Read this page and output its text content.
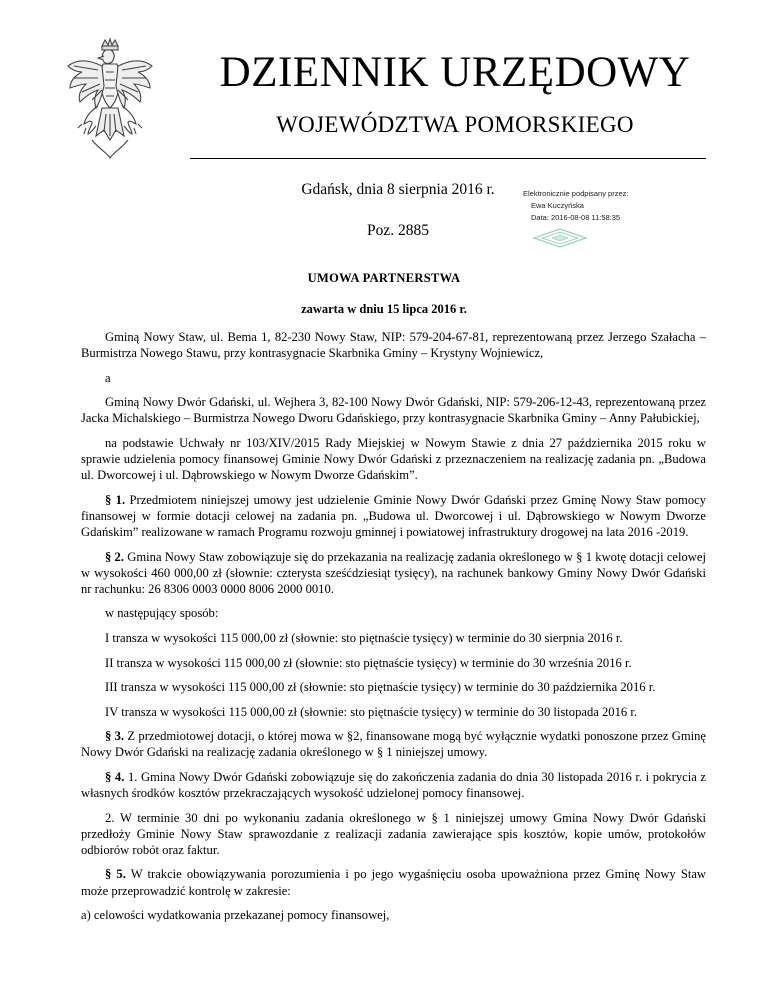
DZIENNIK URZĘDOWY
WOJEWÓDZTWA POMORSKIEGO
Gdańsk, dnia 8 sierpnia 2016 r.
Poz. 2885
Elektronicznie podpisany przez:
Ewa Kuczyńska
Data: 2016-08-08 11:58:35
UMOWA PARTNERSTWA
zawarta w dniu 15 lipca 2016 r.

Gminą Nowy Staw, ul. Bema 1, 82-230 Nowy Staw, NIP: 579-204-67-81, reprezentowaną przez Jerzego Szałacha – Burmistrza Nowego Stawu, przy kontrasygnacie Skarbnika Gminy – Krystyny Wojniewicz,

a

Gminą Nowy Dwór Gdański, ul. Wejhera 3, 82-100 Nowy Dwór Gdański, NIP: 579-206-12-43, reprezentowaną przez Jacka Michalskiego – Burmistrza Nowego Dworu Gdańskiego, przy kontrasygnacie Skarbnika Gminy – Anny Pałubickiej,

na podstawie Uchwały nr 103/XIV/2015 Rady Miejskiej w Nowym Stawie z dnia 27 października 2015 roku w sprawie udzielenia pomocy finansowej Gminie Nowy Dwór Gdański z przeznaczeniem na realizację zadania pn. „Budowa ul. Dworcowej i ul. Dąbrowskiego w Nowym Dworze Gdańskim”.

§ 1. Przedmiotem niniejszej umowy jest udzielenie Gminie Nowy Dwór Gdański przez Gminę Nowy Staw pomocy finansowej w formie dotacji celowej na zadania pn. „Budowa ul. Dworcowej i ul. Dąbrowskiego w Nowym Dworze Gdańskim” realizowane w ramach Programu rozwoju gminnej i powiatowej infrastruktury drogowej na lata 2016 -2019.

§ 2. Gmina Nowy Staw zobowiązuje się do przekazania na realizację zadania określonego w § 1 kwotę dotacji celowej w wysokości 460 000,00 zł (słownie: czterysta sześćdziesiąt tysięcy), na rachunek bankowy Gminy Nowy Dwór Gdański nr rachunku: 26 8306 0003 0000 8006 2000 0010.

w następujący sposób:

I transza w wysokości 115 000,00 zł (słownie: sto piętnaście tysięcy) w terminie do 30 sierpnia 2016 r.

II transza w wysokości 115 000,00 zł (słownie: sto piętnaście tysięcy) w terminie do 30 września 2016 r.

III transza w wysokości 115 000,00 zł (słownie: sto piętnaście tysięcy) w terminie do 30 października 2016 r.

IV transza w wysokości 115 000,00 zł (słownie: sto piętnaście tysięcy) w terminie do 30 listopada 2016 r.

§ 3. Z przedmiotowej dotacji, o której mowa w §2, finansowane mogą być wyłącznie wydatki ponoszone przez Gminę Nowy Dwór Gdański na realizację zadania określonego w § 1 niniejszej umowy.

§ 4. 1. Gmina Nowy Dwór Gdański zobowiązuje się do zakończenia zadania do dnia 30 listopada 2016 r. i pokrycia z własnych środków kosztów przekraczających wysokość udzielonej pomocy finansowej.

2. W terminie 30 dni po wykonaniu zadania określonego w § 1 niniejszej umowy Gmina Nowy Dwór Gdański przedłoży Gminie Nowy Staw sprawozdanie z realizacji zadania zawierające spis kosztów, kopie umów, protokołów odbiorów robót oraz faktur.

§ 5. W trakcie obowiązywania porozumienia i po jego wygaśnięciu osoba upoważniona przez Gminę Nowy Staw może przeprowadzić kontrolę w zakresie:

a) celowości wydatkowania przekazanej pomocy finansowej,
